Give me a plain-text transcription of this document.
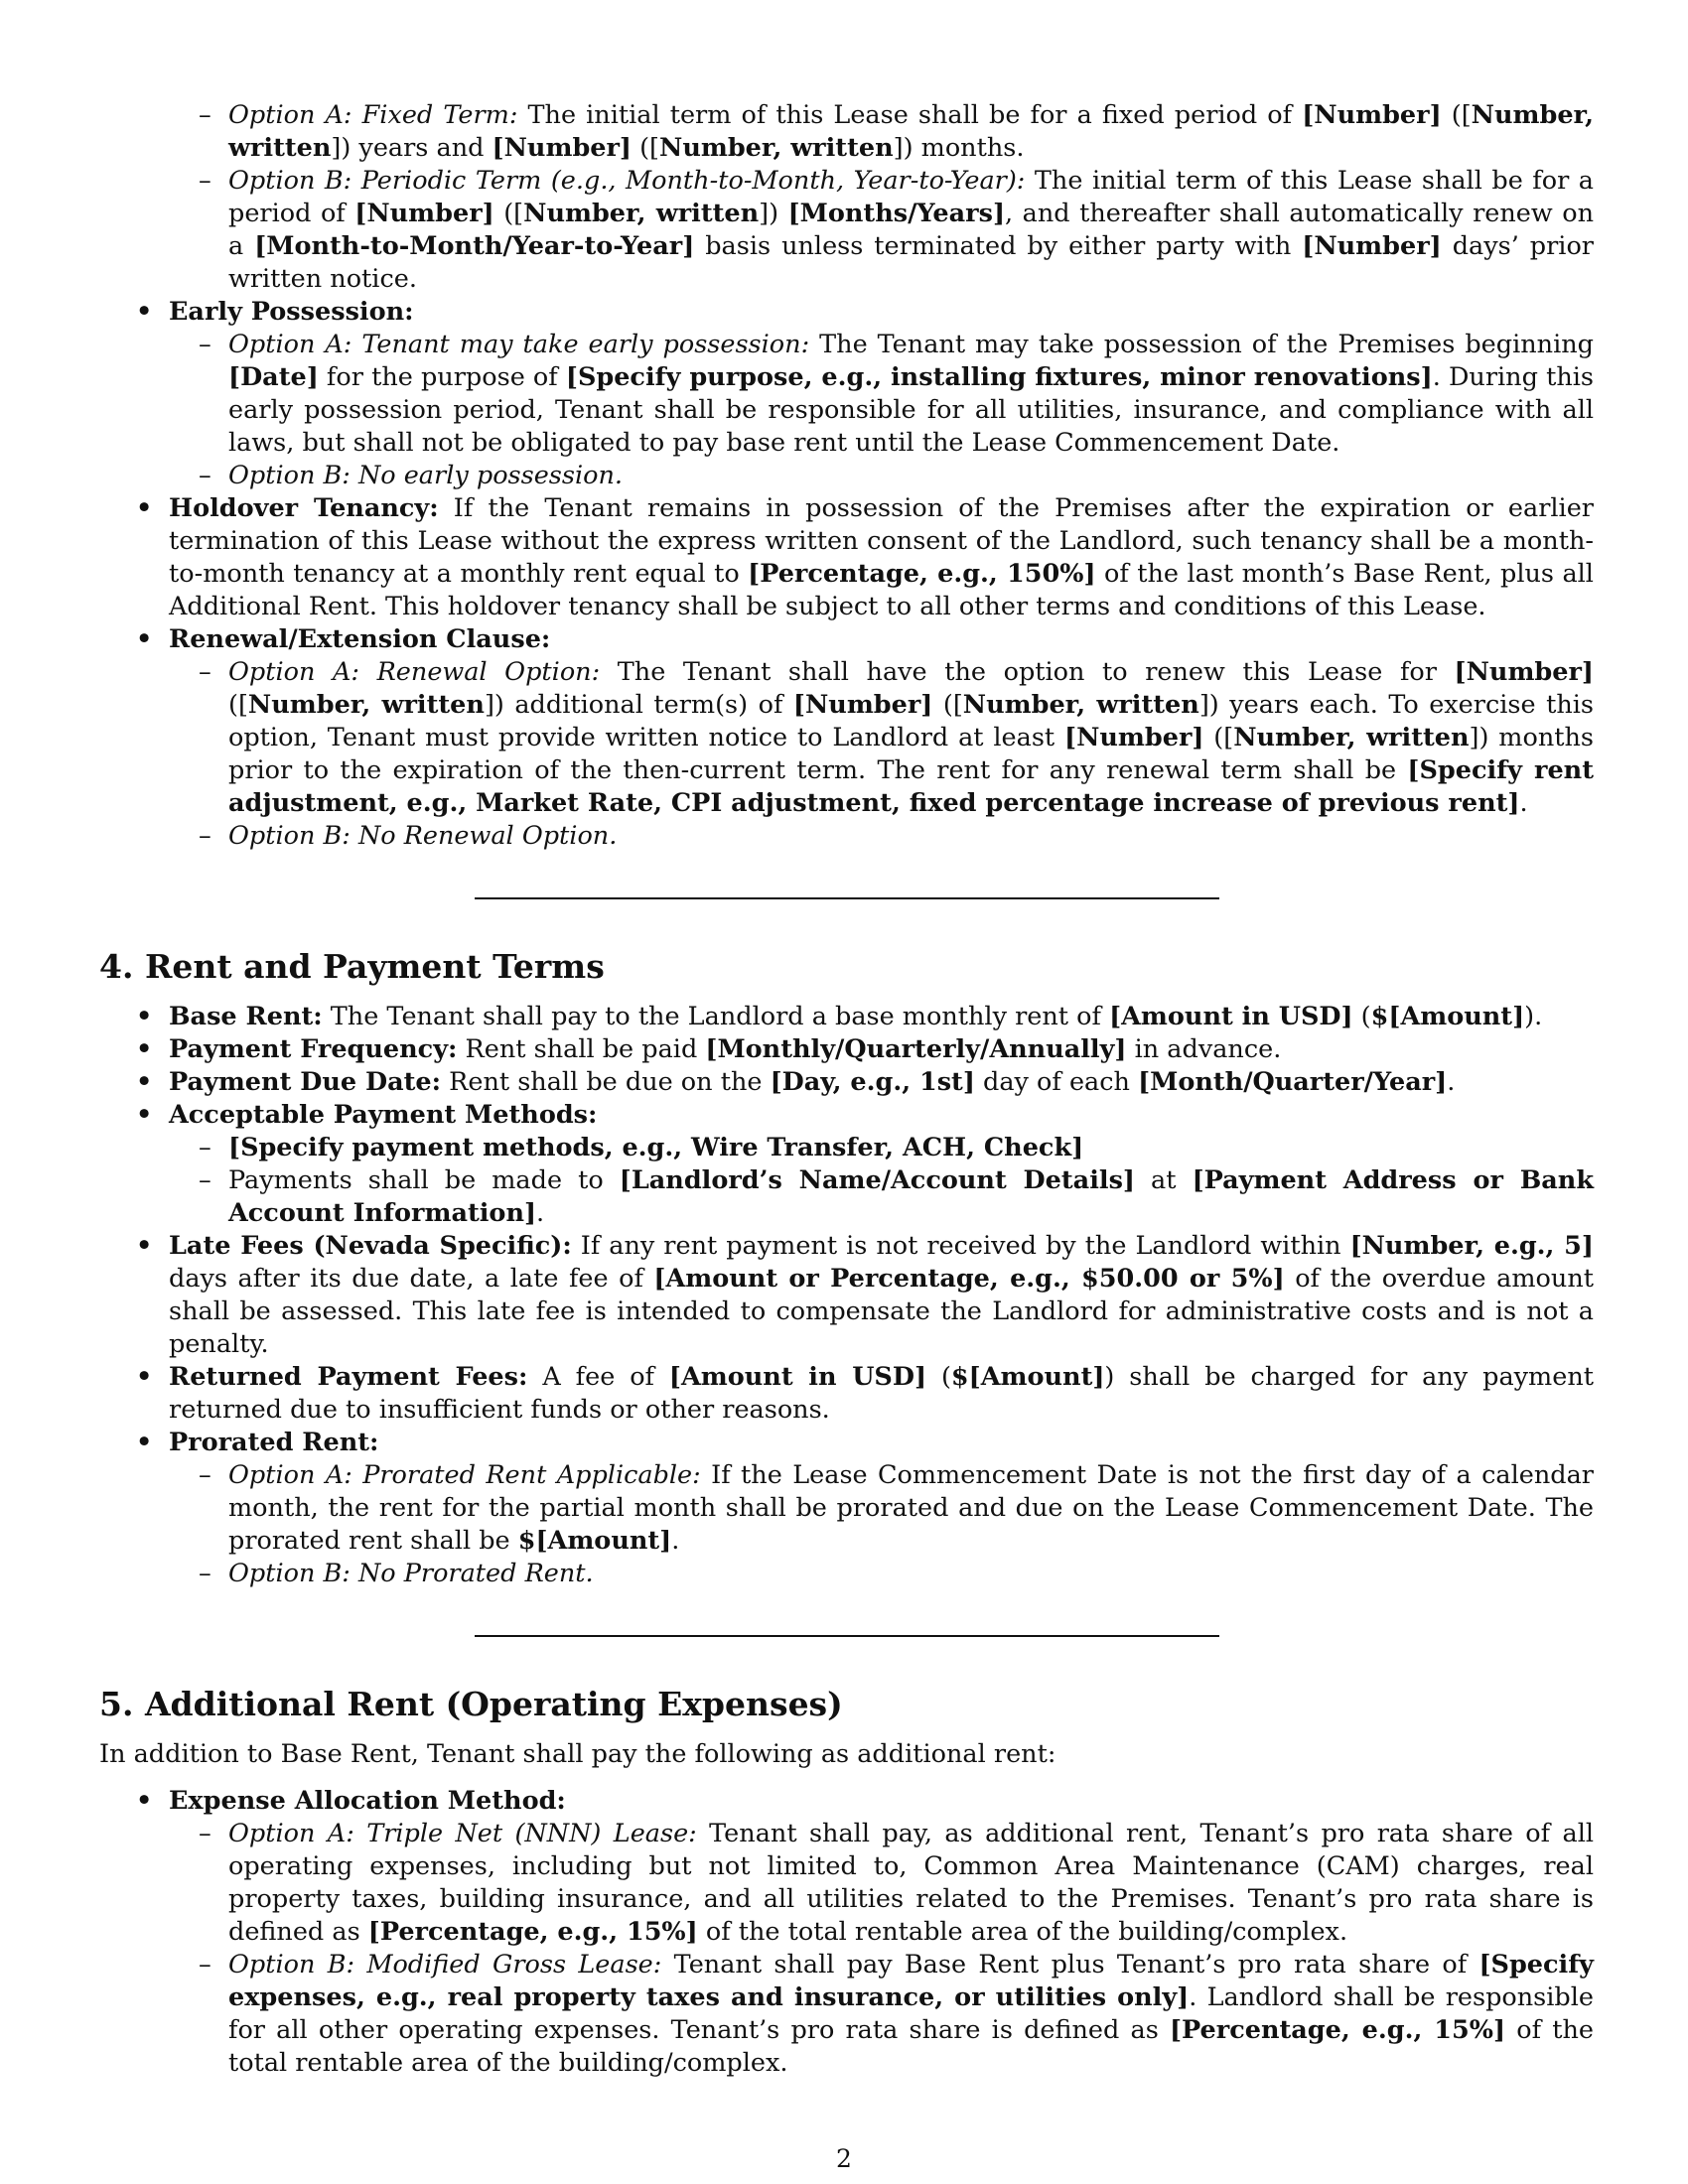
– Option A: Fixed Term: The initial term of this Lease shall be for a fixed period of [Number] ([Number, written]) years and [Number] ([Number, written]) months.
– Option B: Periodic Term (e.g., Month-to-Month, Year-to-Year): The initial term of this Lease shall be for a period of [Number] ([Number, written]) [Months/Years], and thereafter shall automatically renew on a [Month-to-Month/Year-to-Year] basis unless terminated by either party with [Number] days’ prior written notice.
• Early Possession:
– Option A: Tenant may take early possession: The Tenant may take possession of the Premises beginning [Date] for the purpose of [Specify purpose, e.g., installing fixtures, minor renovations]. During this early possession period, Tenant shall be responsible for all utilities, insurance, and compliance with all laws, but shall not be obligated to pay base rent until the Lease Commencement Date.
– Option B: No early possession.
• Holdover Tenancy: If the Tenant remains in possession of the Premises after the expiration or earlier termination of this Lease without the express written consent of the Landlord, such tenancy shall be a month-to-month tenancy at a monthly rent equal to [Percentage, e.g., 150%] of the last month’s Base Rent, plus all Additional Rent. This holdover tenancy shall be subject to all other terms and conditions of this Lease.
• Renewal/Extension Clause:
– Option A: Renewal Option: The Tenant shall have the option to renew this Lease for [Number] ([Number, written]) additional term(s) of [Number] ([Number, written]) years each. To exercise this option, Tenant must provide written notice to Landlord at least [Number] ([Number, written]) months prior to the expiration of the then-current term. The rent for any renewal term shall be [Specify rent adjustment, e.g., Market Rate, CPI adjustment, fixed percentage increase of previous rent].
– Option B: No Renewal Option.
4. Rent and Payment Terms
• Base Rent: The Tenant shall pay to the Landlord a base monthly rent of [Amount in USD] ($[Amount]).
• Payment Frequency: Rent shall be paid [Monthly/Quarterly/Annually] in advance.
• Payment Due Date: Rent shall be due on the [Day, e.g., 1st] day of each [Month/Quarter/Year].
• Acceptable Payment Methods:
– [Specify payment methods, e.g., Wire Transfer, ACH, Check]
– Payments shall be made to [Landlord’s Name/Account Details] at [Payment Address or Bank Account Information].
• Late Fees (Nevada Specific): If any rent payment is not received by the Landlord within [Number, e.g., 5] days after its due date, a late fee of [Amount or Percentage, e.g., $50.00 or 5%] of the overdue amount shall be assessed. This late fee is intended to compensate the Landlord for administrative costs and is not a penalty.
• Returned Payment Fees: A fee of [Amount in USD] ($[Amount]) shall be charged for any payment returned due to insufficient funds or other reasons.
• Prorated Rent:
– Option A: Prorated Rent Applicable: If the Lease Commencement Date is not the first day of a calendar month, the rent for the partial month shall be prorated and due on the Lease Commencement Date. The prorated rent shall be $[Amount].
– Option B: No Prorated Rent.
5. Additional Rent (Operating Expenses)

In addition to Base Rent, Tenant shall pay the following as additional rent:

• Expense Allocation Method:
– Option A: Triple Net (NNN) Lease: Tenant shall pay, as additional rent, Tenant’s pro rata share of all operating expenses, including but not limited to, Common Area Maintenance (CAM) charges, real property taxes, building insurance, and all utilities related to the Premises. Tenant’s pro rata share is defined as [Percentage, e.g., 15%] of the total rentable area of the building/complex.
– Option B: Modified Gross Lease: Tenant shall pay Base Rent plus Tenant’s pro rata share of [Specify expenses, e.g., real property taxes and insurance, or utilities only]. Landlord shall be responsible for all other operating expenses. Tenant’s pro rata share is defined as [Percentage, e.g., 15%] of the total rentable area of the building/complex.
2
